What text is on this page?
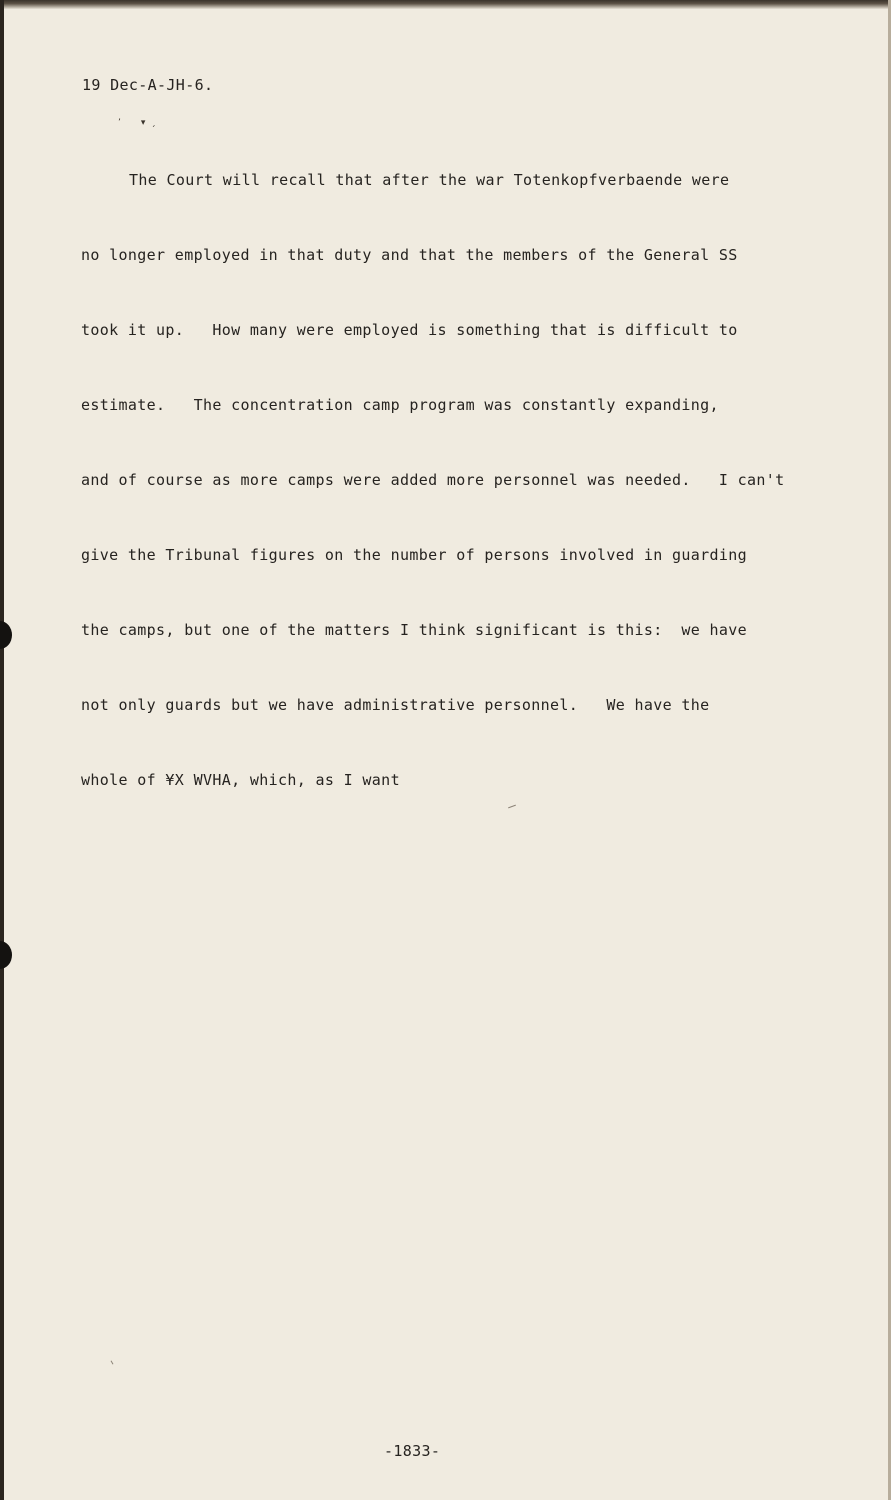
19 Dec-A-JH-6.
’       ▾  ˏ

The Court will recall that after the war Totenkopfverbaende were

no longer employed in that duty and that the members of the General SS

took it up.   How many were employed is something that is difficult to

estimate.   The concentration camp program was constantly expanding,

and of course as more camps were added more personnel was needed.   I can't

give the Tribunal figures on the number of persons involved in guarding

the camps, but one of the matters I think significant is this:  we have

not only guards but we have administrative personnel.   We have the

whole of ¥X WVHA, which, as I want

-1833-
